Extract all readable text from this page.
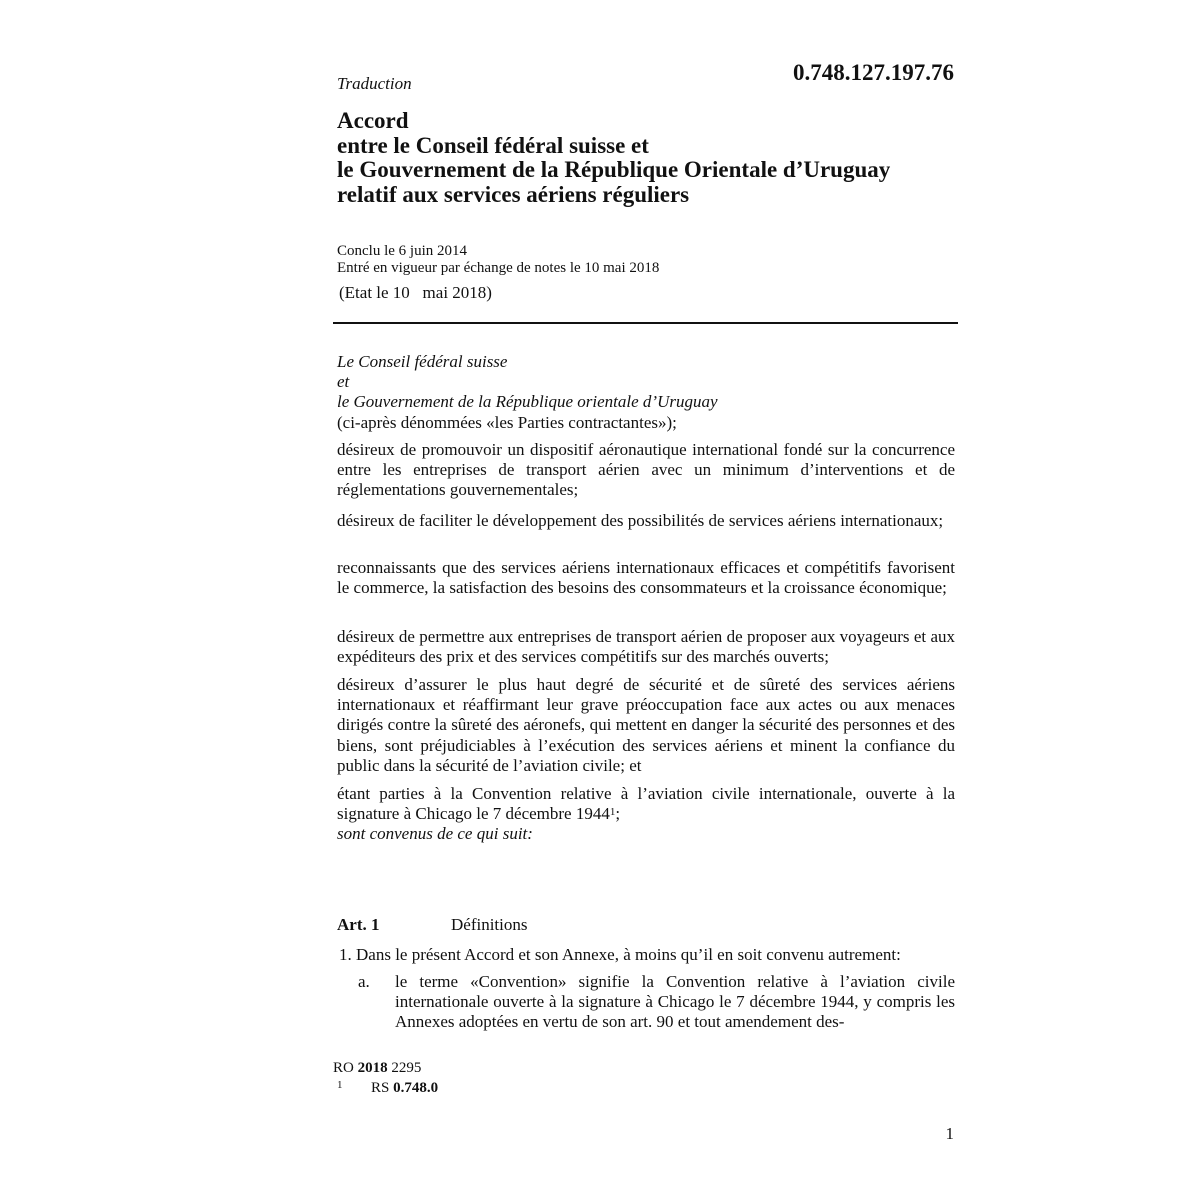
Traduction	0.748.127.197.76
Accord
entre le Conseil fédéral suisse et
le Gouvernement de la République Orientale d’Uruguay
relatif aux services aériens réguliers
Conclu le 6 juin 2014
Entré en vigueur par échange de notes le 10 mai 2018
(Etat le 10   mai 2018)

Le Conseil fédéral suisse

et

le Gouvernement de la République orientale d’Uruguay

(ci-après dénommées «les Parties contractantes»);

désireux de promouvoir un dispositif aéronautique international fondé sur la concurrence entre les entreprises de transport aérien avec un minimum d’interventions et de réglementations gouvernementales;

désireux de faciliter le développement des possibilités de services aériens internationaux;

reconnaissants que des services aériens internationaux efficaces et compétitifs favorisent le commerce, la satisfaction des besoins des consommateurs et la croissance économique;

désireux de permettre aux entreprises de transport aérien de proposer aux voyageurs et aux expéditeurs des prix et des services compétitifs sur des marchés ouverts;

désireux d’assurer le plus haut degré de sécurité et de sûreté des services aériens internationaux et réaffirmant leur grave préoccupation face aux actes ou aux menaces dirigés contre la sûreté des aéronefs, qui mettent en danger la sécurité des personnes et des biens, sont préjudiciables à l’exécution des services aériens et minent la confiance du public dans la sécurité de l’aviation civile; et

étant parties à la Convention relative à l’aviation civile internationale, ouverte à la signature à Chicago le 7 décembre 1944$^1$;

sont convenus de ce qui suit:

Art. 1	Définitions
1. Dans le présent Accord et son Annexe, à moins qu’il en soit convenu autrement:
a. le terme «Convention» signifie la Convention relative à l’aviation civile internationale ouverte à la signature à Chicago le 7 décembre 1944, y compris les Annexes adoptées en vertu de son art. 90 et tout amendement des-
RO 2018 2295
1	RS 0.748.0
1
